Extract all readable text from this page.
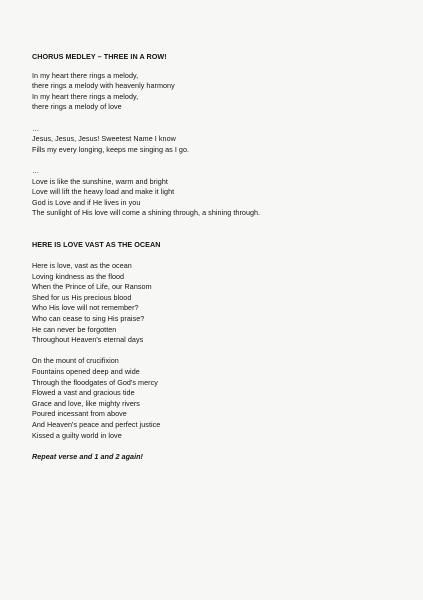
CHORUS MEDLEY – THREE IN A ROW!
In my heart there rings a melody,
there rings a melody with heavenly harmony
In my heart there rings a melody,
there rings a melody of love
…
Jesus, Jesus, Jesus! Sweetest Name I know
Fills my every longing, keeps me singing as I go.
…
Love is like the sunshine, warm and bright
Love will lift the heavy load and make it light
God is Love and if He lives in you
The sunlight of His love will come a shining through, a shining through.
HERE IS LOVE VAST AS THE OCEAN
Here is love, vast as the ocean
Loving kindness as the flood
When the Prince of Life, our Ransom
Shed for us His precious blood
Who His love will not remember?
Who can cease to sing His praise?
He can never be forgotten
Throughout Heaven's eternal days
On the mount of crucifixion
Fountains opened deep and wide
Through the floodgates of God's mercy
Flowed a vast and gracious tide
Grace and love, like mighty rivers
Poured incessant from above
And Heaven's peace and perfect justice
Kissed a guilty world in love
Repeat verse and 1 and 2 again!
